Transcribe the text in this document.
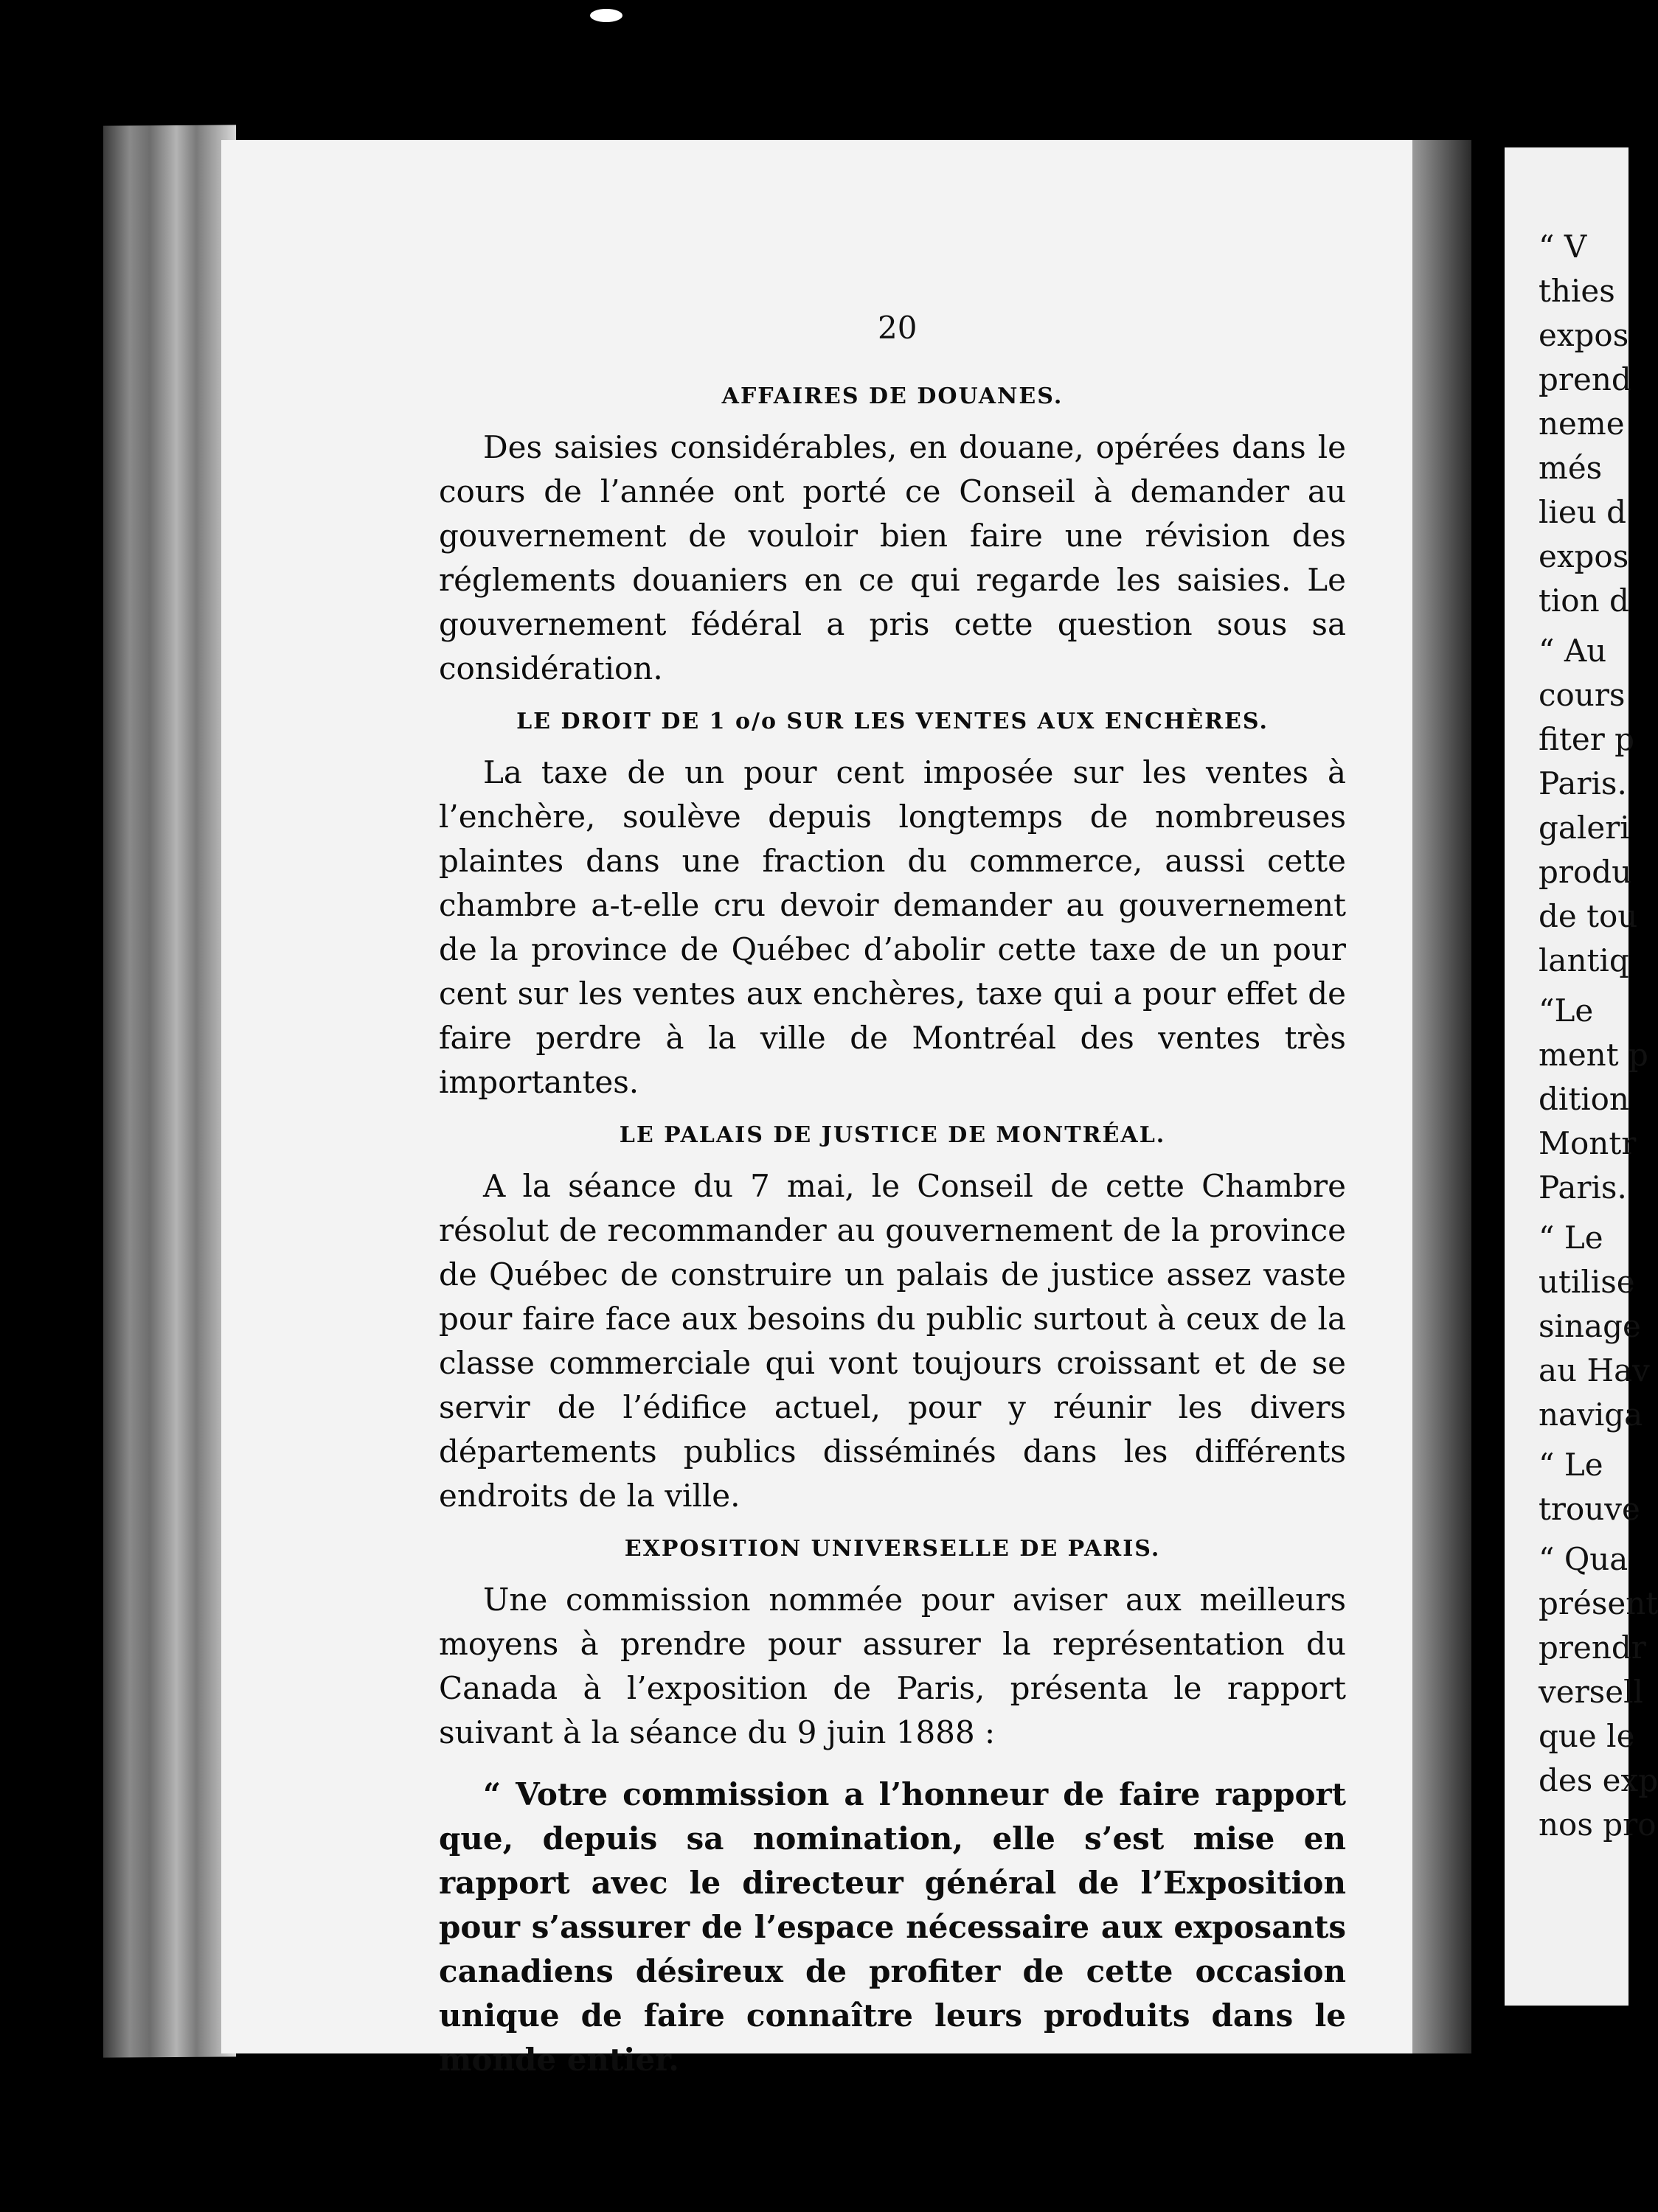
“ V
thies
expos
prend
neme
més
lieu d
expos
tion d
“ Au
cours
fiter p
Paris.
galeri
produ
de tou
lantiq
“Le
ment p
dition
Montr
Paris.
“ Le
utilise
sinage
au Hav
naviga
“ Le
trouve
“ Qua
présent
prendr
versell
que le
des exp
nos pro
20
AFFAIRES DE DOUANES.

Des saisies considérables, en douane, opérées dans le cours de l’année ont porté ce Conseil à demander au gouvernement de vouloir bien faire une révision des réglements douaniers en ce qui regarde les saisies. Le gouvernement fédéral a pris cette question sous sa considération.

LE DROIT DE 1 o/o SUR LES VENTES AUX ENCHÈRES.

La taxe de un pour cent imposée sur les ventes à l’enchère, soulève depuis longtemps de nombreuses plaintes dans une fraction du commerce, aussi cette chambre a-t-elle cru devoir demander au gouvernement de la province de Québec d’abolir cette taxe de un pour cent sur les ventes aux enchères, taxe qui a pour effet de faire perdre à la ville de Montréal des ventes très importantes.

LE PALAIS DE JUSTICE DE MONTRÉAL.

A la séance du 7 mai, le Conseil de cette Chambre résolut de recommander au gouvernement de la province de Québec de construire un palais de justice assez vaste pour faire face aux besoins du public surtout à ceux de la classe commerciale qui vont toujours croissant et de se servir de l’édifice actuel, pour y réunir les divers départements publics disséminés dans les différents endroits de la ville.

EXPOSITION UNIVERSELLE DE PARIS.

Une commission nommée pour aviser aux meilleurs moyens à prendre pour assurer la représentation du Canada à l’exposition de Paris, présenta le rapport suivant à la séance du 9 juin 1888 :

“ Votre commission a l’honneur de faire rapport que, depuis sa nomination, elle s’est mise en rapport avec le directeur général de l’Exposition pour s’assurer de l’espace nécessaire aux exposants canadiens désireux de profiter de cette occasion unique de faire connaître leurs produits dans le monde entier.
